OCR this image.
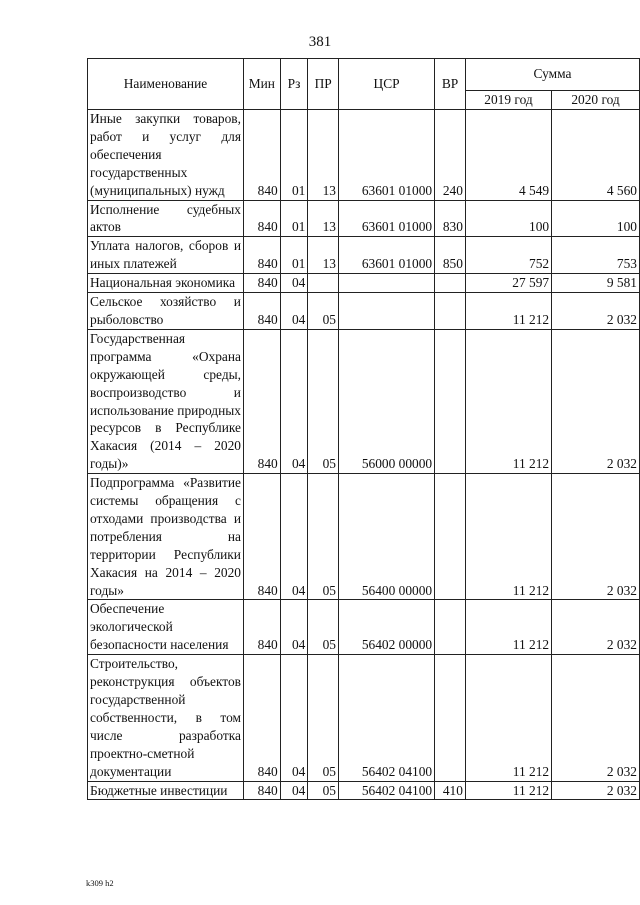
381
Наименование	Мин	Рз	ПР	ЦСР	ВР	Сумма	
						2019 год	2020 год
Иные закупки товаров, работ и услуг для обеспечения государственных (муниципальных) нужд	840	01	13	63601 01000	240	4 549	4 560
Исполнение судебных актов	840	01	13	63601 01000	830	100	100
Уплата налогов, сборов и иных платежей	840	01	13	63601 01000	850	752	753
Национальная экономика	840	04				27 597	9 581
Сельское хозяйство и рыболовство	840	04	05			11 212	2 032
Государственная программа «Охрана окружающей среды, воспроизводство и использование природных ресурсов в Республике Хакасия (2014 – 2020 годы)»	840	04	05	56000 00000		11 212	2 032
Подпрограмма «Развитие системы обращения с отходами производства и потребления на территории Республики Хакасия на 2014 – 2020 годы»	840	04	05	56400 00000		11 212	2 032
Обеспечение экологической безопасности населения	840	04	05	56402 00000		11 212	2 032
Строительство, реконструкция объектов государственной собственности, в том числе разработка проектно-сметной документации	840	04	05	56402 04100		11 212	2 032
Бюджетные инвестиции	840	04	05	56402 04100	410	11 212	2 032
k309 h2
